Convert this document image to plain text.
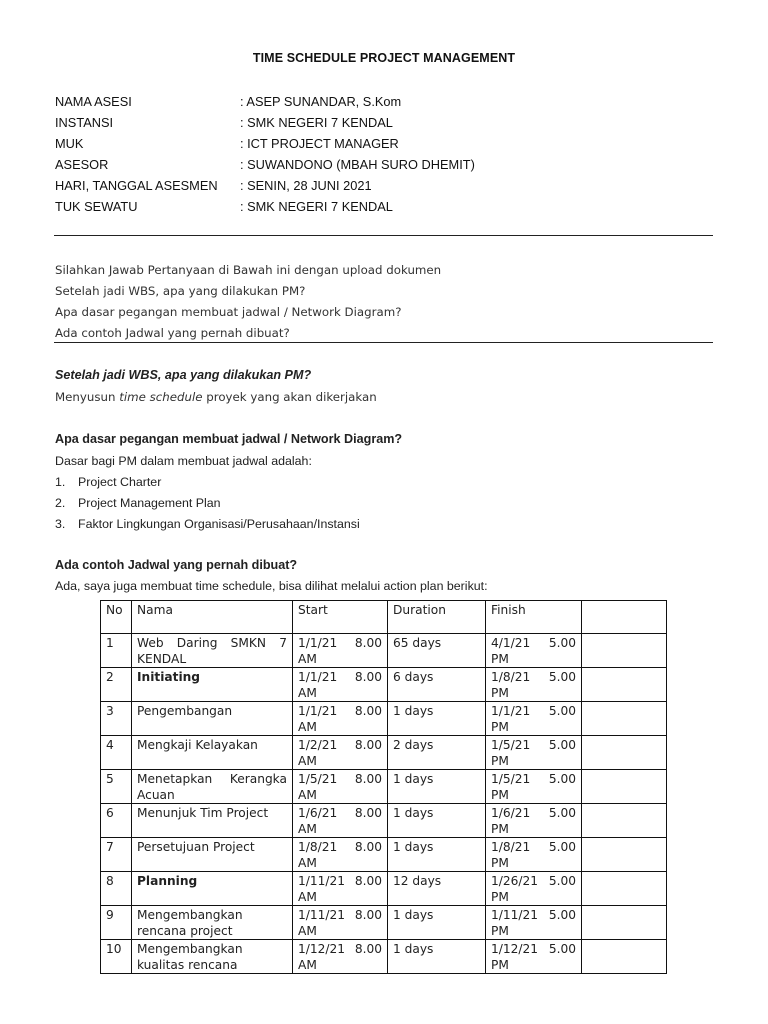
TIME SCHEDULE PROJECT MANAGEMENT
NAMA ASESI	: ASEP SUNANDAR, S.Kom
INSTANSI	: SMK NEGERI 7 KENDAL
MUK	: ICT PROJECT MANAGER
ASESOR	: SUWANDONO (MBAH SURO DHEMIT)
HARI, TANGGAL ASESMEN : SENIN, 28 JUNI 2021
TUK SEWATU	: SMK NEGERI 7 KENDAL
Silahkan Jawab Pertanyaan di Bawah ini dengan upload dokumen
Setelah jadi WBS, apa yang dilakukan PM?
Apa dasar pegangan membuat jadwal / Network Diagram?
Ada contoh Jadwal yang pernah dibuat?
Setelah jadi WBS, apa yang dilakukan PM?
Menyusun time schedule proyek yang akan dikerjakan
Apa dasar pegangan membuat jadwal / Network Diagram?
Dasar bagi PM dalam membuat jadwal adalah:
1. Project Charter
2. Project Management Plan
3. Faktor Lingkungan Organisasi/Perusahaan/Instansi
Ada contoh Jadwal yang pernah dibuat?
Ada, saya juga membuat time schedule, bisa dilihat melalui action plan berikut:
No	Nama	Start	Duration	Finish	
1	Web Daring SMKN 7 KENDAL	1/1/21 8.00 AM	65 days	4/1/21 5.00 PM	
2	Initiating	1/1/21 8.00 AM	6 days	1/8/21 5.00 PM	
3	Pengembangan	1/1/21 8.00 AM	1 days	1/1/21 5.00 PM	
4	Mengkaji Kelayakan	1/2/21 8.00 AM	2 days	1/5/21 5.00 PM	
5	Menetapkan Kerangka Acuan	1/5/21 8.00 AM	1 days	1/5/21 5.00 PM	
6	Menunjuk Tim Project	1/6/21 8.00 AM	1 days	1/6/21 5.00 PM	
7	Persetujuan Project	1/8/21 8.00 AM	1 days	1/8/21 5.00 PM	
8	Planning	1/11/21 8.00 AM	12 days	1/26/21 5.00 PM	
9	Mengembangkan rencana project	1/11/21 8.00 AM	1 days	1/11/21 5.00 PM	
10	Mengembangkan kualitas rencana	1/12/21 8.00 AM	1 days	1/12/21 5.00 PM	
